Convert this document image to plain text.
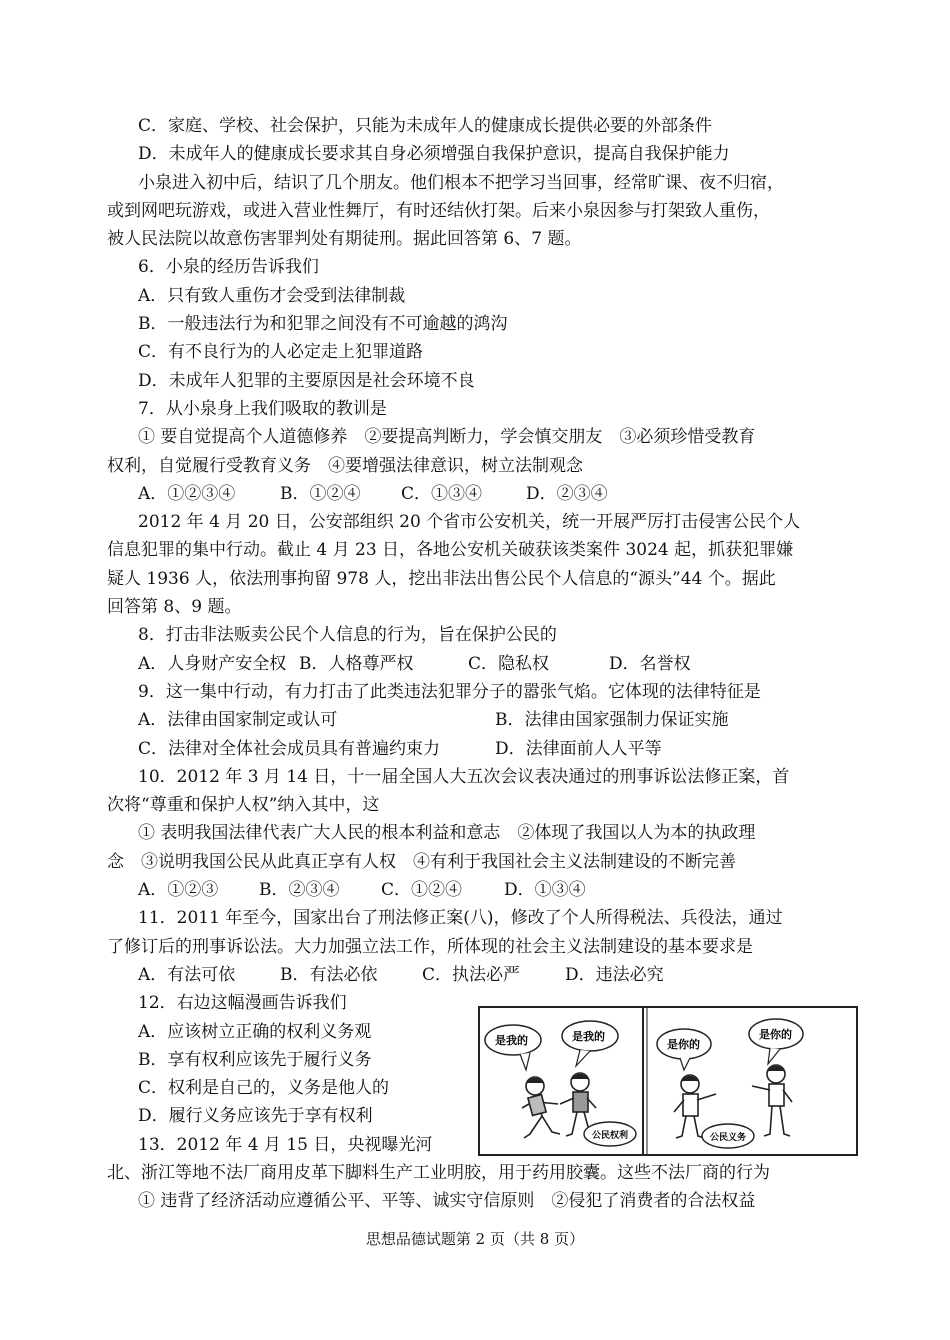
C．家庭、学校、社会保护，只能为未成年人的健康成长提供必要的外部条件
D．未成年人的健康成长要求其自身必须增强自我保护意识，提高自我保护能力
小泉进入初中后，结识了几个朋友。他们根本不把学习当回事，经常旷课、夜不归宿，
或到网吧玩游戏，或进入营业性舞厅，有时还结伙打架。后来小泉因参与打架致人重伤，
被人民法院以故意伤害罪判处有期徒刑。据此回答第 6、7 题。
6．小泉的经历告诉我们
A．只有致人重伤才会受到法律制裁
B．一般违法行为和犯罪之间没有不可逾越的鸿沟
C．有不良行为的人必定走上犯罪道路
D．未成年人犯罪的主要原因是社会环境不良
7．从小泉身上我们吸取的教训是
① 要自觉提高个人道德修养　②要提高判断力，学会慎交朋友　③必须珍惜受教育
权利，自觉履行受教育义务　④要增强法律意识，树立法制观念
A．①②③④	B．①②④ C．①③④	D．②③④
2012 年 4 月 20 日，公安部组织 20 个省市公安机关，统一开展严厉打击侵害公民个人
信息犯罪的集中行动。截止 4 月 23 日，各地公安机关破获该类案件 3024 起，抓获犯罪嫌
疑人 1936 人，依法刑事拘留 978 人，挖出非法出售公民个人信息的“源头”44 个。据此
回答第 8、9 题。
8．打击非法贩卖公民个人信息的行为，旨在保护公民的
A．人身财产安全权 B．人格尊严权	C．隐私权	D．名誉权
9．这一集中行动，有力打击了此类违法犯罪分子的嚣张气焰。它体现的法律特征是
A．法律由国家制定或认可	B．法律由国家强制力保证实施
C．法律对全体社会成员具有普遍约束力	D．法律面前人人平等
10．2012 年 3 月 14 日，十一届全国人大五次会议表决通过的刑事诉讼法修正案，首
次将“尊重和保护人权”纳入其中，这
① 表明我国法律代表广大人民的根本利益和意志　②体现了我国以人为本的执政理
念　③说明我国公民从此真正享有人权　④有利于我国社会主义法制建设的不断完善
A．①②③ B．②③④ C．①②④ D．①③④
11．2011 年至今，国家出台了刑法修正案(八)，修改了个人所得税法、兵役法，通过
了修订后的刑事诉讼法。大力加强立法工作，所体现的社会主义法制建设的基本要求是
A．有法可依	B．有法必依	C．执法必严	D．违法必究
12．右边这幅漫画告诉我们
A．应该树立正确的权利义务观
B．享有权利应该先于履行义务
C．权利是自己的，义务是他人的
D．履行义务应该先于享有权利
13．2012 年 4 月 15 日，央视曝光河
北、浙江等地不法厂商用皮革下脚料生产工业明胶，用于药用胶囊。这些不法厂商的行为
① 违背了经济活动应遵循公平、平等、诚实守信原则　②侵犯了消费者的合法权益
是我的	是我的
公民权利
是你的
是你的
公民义务
思想品德试题第 2 页（共 8 页）
